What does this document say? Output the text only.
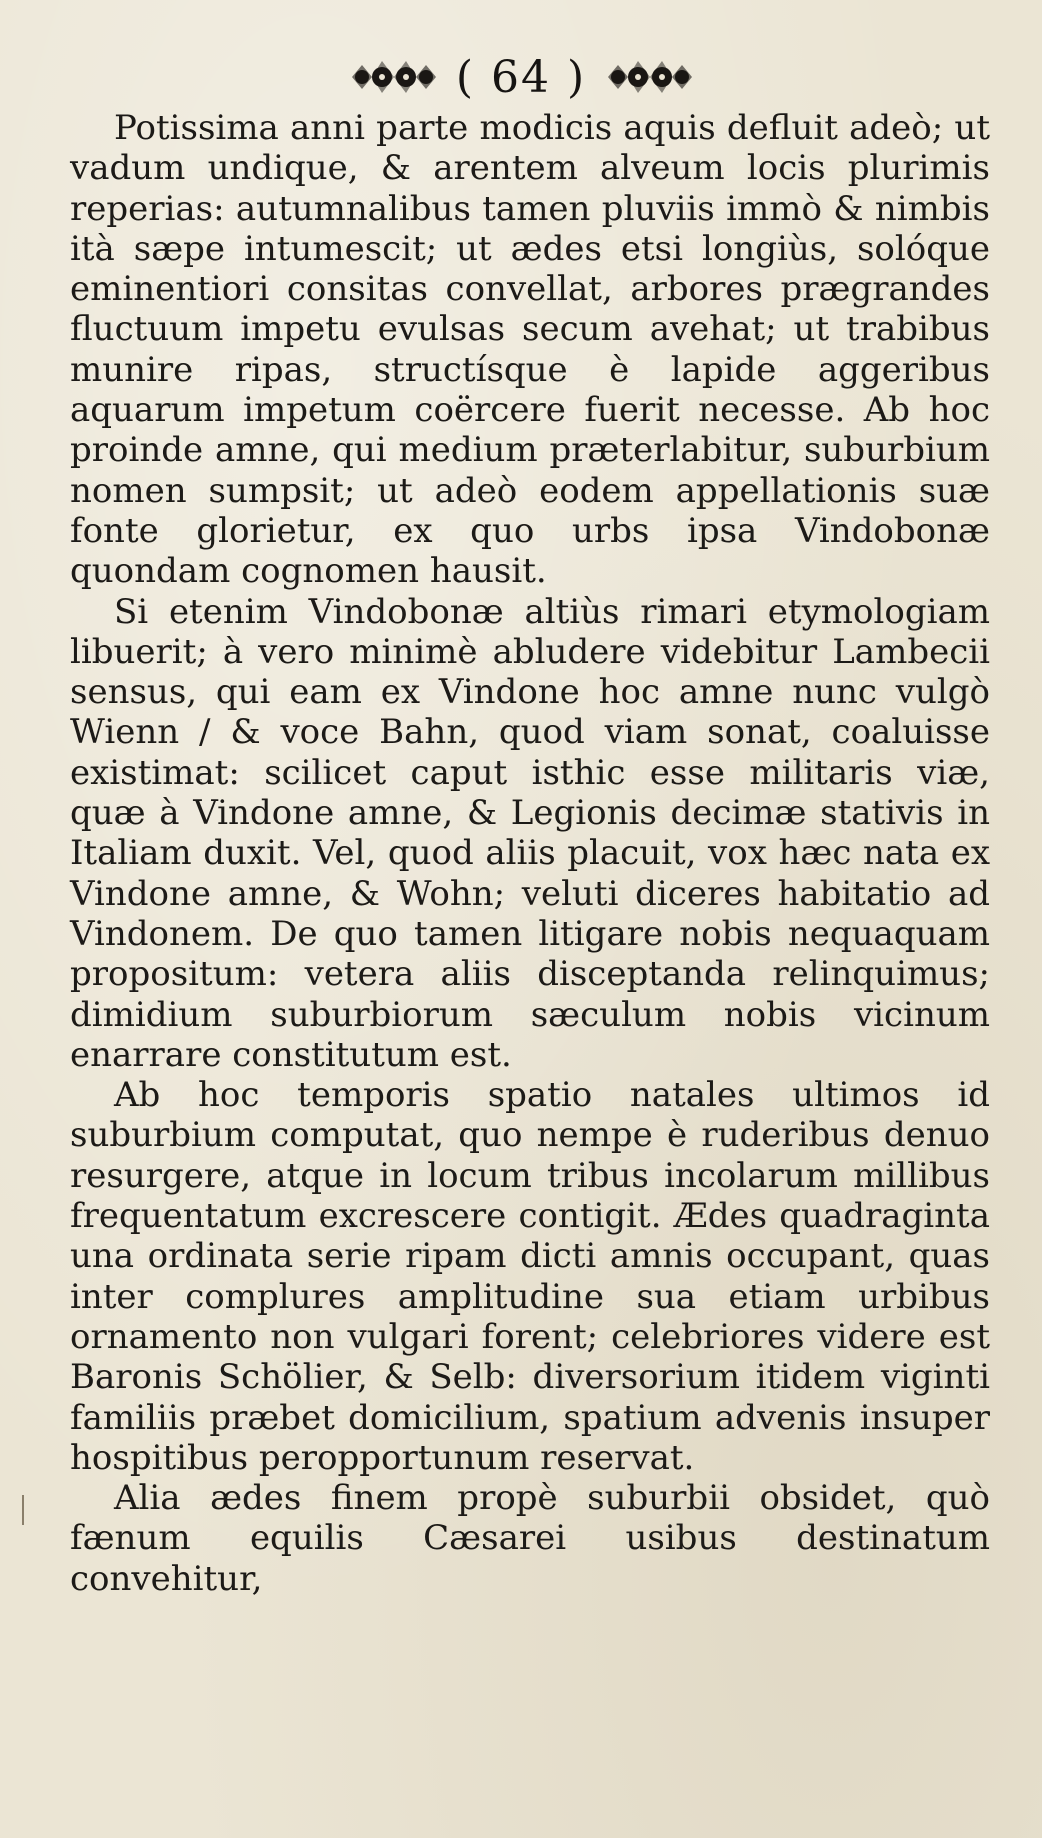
( 64 )

Potissima anni parte modicis aquis defluit adeò; ut vadum undique, & arentem alveum locis plurimis reperias: autumnalibus tamen pluviis immò & nimbis ità sæpe intumescit; ut ædes etsi longiùs, solóque eminentiori consitas convellat, arbores prægrandes fluctuum impetu evulsas secum avehat; ut trabibus munire ripas, structísque è lapide aggeribus aquarum impetum coërcere fuerit necesse. Ab hoc proinde amne, qui medium præterlabitur, suburbium nomen sumpsit; ut adeò eodem appellationis suæ fonte glorietur, ex quo urbs ipsa Vindobonæ quondam cognomen hausit.

Si etenim Vindobonæ altiùs rimari etymologiam libuerit; à vero minimè abludere videbitur Lambecii sensus, qui eam ex Vindone hoc amne nunc vulgò Wienn / & voce Bahn, quod viam sonat, coaluisse existimat: scilicet caput isthic esse militaris viæ, quæ à Vindone amne, & Legionis decimæ stativis in Italiam duxit. Vel, quod aliis placuit, vox hæc nata ex Vindone amne, & Wohn; veluti diceres habitatio ad Vindonem. De quo tamen litigare nobis nequaquam propositum: vetera aliis disceptanda relinquimus; dimidium suburbiorum sæculum nobis vicinum enarrare constitutum est.

Ab hoc temporis spatio natales ultimos id suburbium computat, quo nempe è ruderibus denuo resurgere, atque in locum tribus incolarum millibus frequentatum excrescere contigit. Ædes quadraginta una ordinata serie ripam dicti amnis occupant, quas inter complures amplitudine sua etiam urbibus ornamento non vulgari forent; celebriores videre est Baronis Schölier, & Selb: diversorium itidem viginti familiis præbet domicilium, spatium advenis insuper hospitibus peropportunum reservat.

Alia ædes finem propè suburbii obsidet, quò fænum equilis Cæsarei usibus destinatum convehitur,
